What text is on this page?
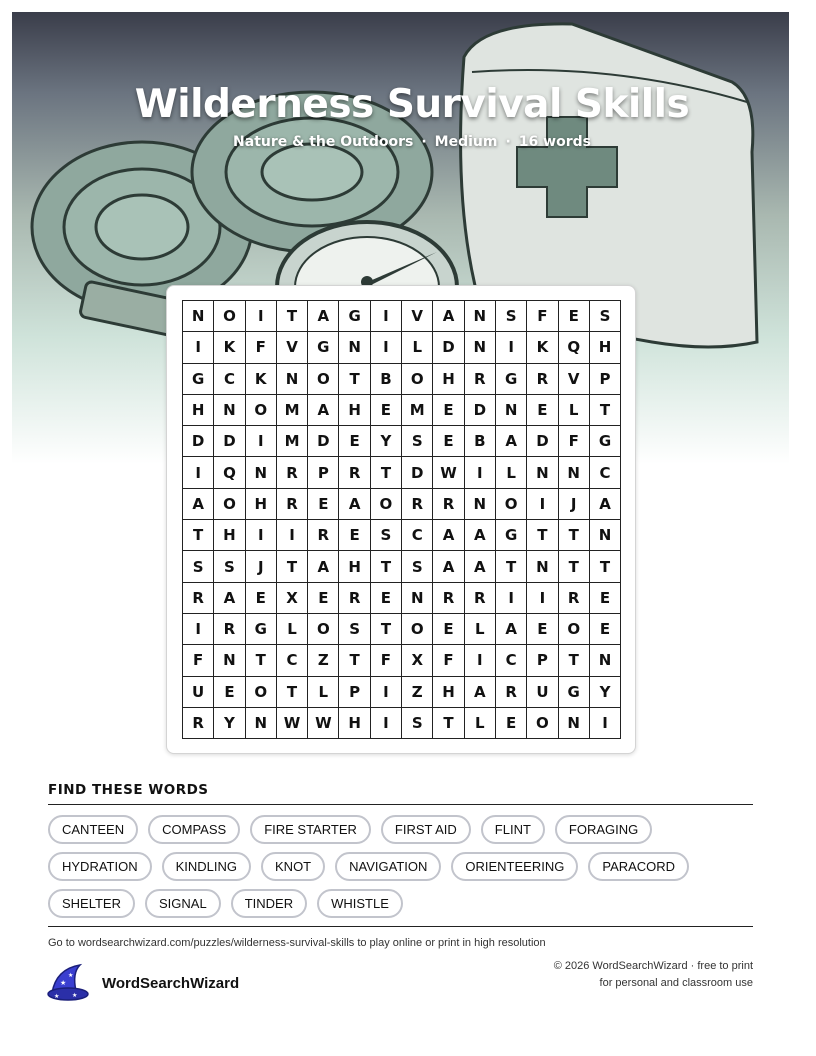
Wilderness Survival Skills
Nature & the Outdoors · Medium · 16 words
N	O	I	T	A	G	I	V	A	N	S	F	E	S
I	K	F	V	G	N	I	L	D	N	I	K	Q	H
G	C	K	N	O	T	B	O	H	R	G	R	V	P
H	N	O	M	A	H	E	M	E	D	N	E	L	T
D	D	I	M	D	E	Y	S	E	B	A	D	F	G
I	Q	N	R	P	R	T	D	W	I	L	N	N	C
A	O	H	R	E	A	O	R	R	N	O	I	J	A
T	H	I	I	R	E	S	C	A	A	G	T	T	N
S	S	J	T	A	H	T	S	A	A	T	N	T	T
R	A	E	X	E	R	E	N	R	R	I	I	R	E
I	R	G	L	O	S	T	O	E	L	A	E	O	E
F	N	T	C	Z	T	F	X	F	I	C	P	T	N
U	E	O	T	L	P	I	Z	H	A	R	U	G	Y
R	Y	N	W W	H	I	S	T	L	E	O	N	I
FIND THESE WORDS
CANTEEN	COMPASS	FIRE STARTER	FIRST AID	FLINT	FORAGING
HYDRATION	KINDLING	KNOT	NAVIGATION	ORIENTEERING	PARACORD
SHELTER	SIGNAL	TINDER	WHISTLE
Go to wordsearchwizard.com/puzzles/wilderness-survival-skills to play online or print in high resolution
★
★
★ ★
WordSearchWizard
© 2026 WordSearchWizard · free to print for personal and classroom use
